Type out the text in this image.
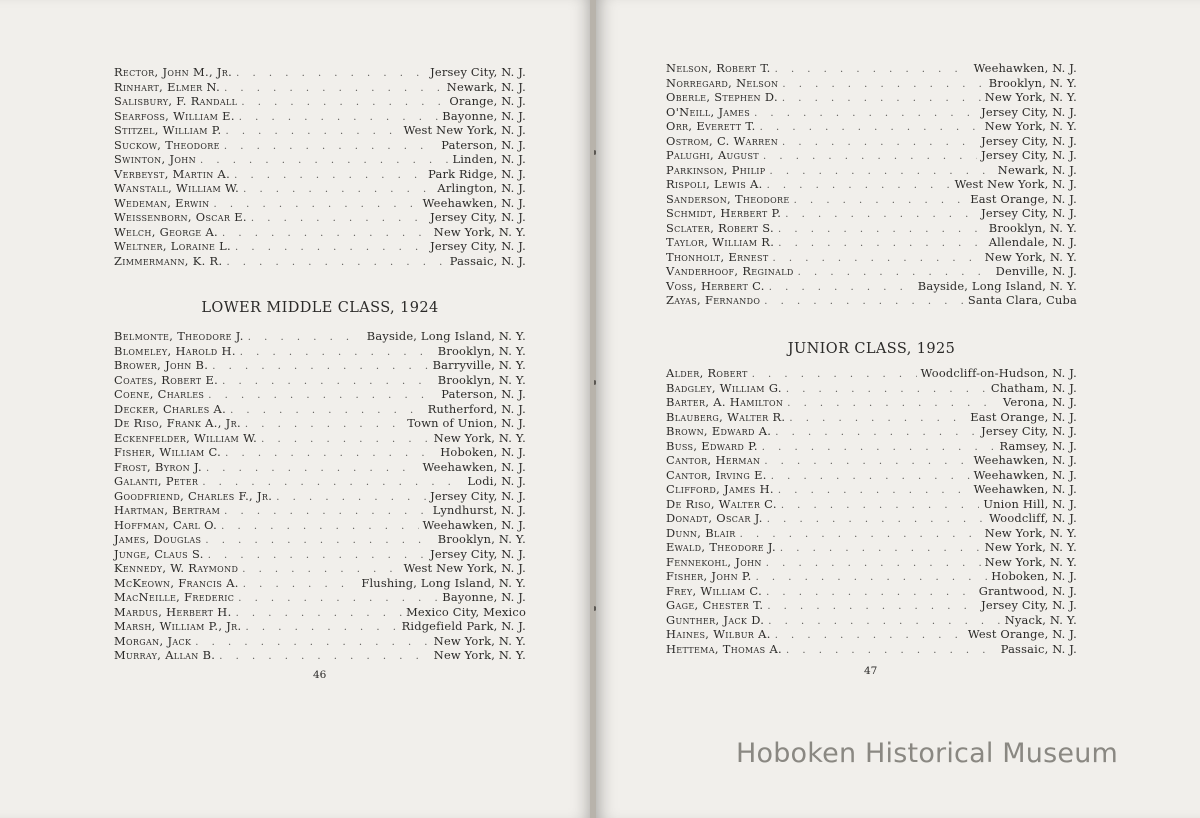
Rector, John M., Jr. . . .	Jersey City, N. J.
Rinhart, Elmer N. . . .	Newark, N. J.
Salisbury, F. Randall . . .	Orange, N. J.
Searfoss, William E. . . .	Bayonne, N. J.
Stitzel, William P. . . .	West New York, N. J.
Suckow, Theodore . . .	Paterson, N. J.
Swinton, John . . .	Linden, N. J.
Verbeyst, Martin A. . . .	Park Ridge, N. J.
Wanstall, William W. . . .	Arlington, N. J.
Wedeman, Erwin . . .	Weehawken, N. J.
Weissenborn, Oscar E. . . .	Jersey City, N. J.
Welch, George A. . . .	New York, N. Y.
Weltner, Loraine L. . . .	Jersey City, N. J.
Zimmermann, K. R. . . .	Passaic, N. J.
LOWER MIDDLE CLASS, 1924
Belmonte, Theodore J. . . .	Bayside, Long Island, N. Y.
Blomeley, Harold H. . . .	Brooklyn, N. Y.
Brower, John B. . . .	Barryville, N. Y.
Coates, Robert E. . . .	Brooklyn, N. Y.
Coene, Charles . . .	Paterson, N. J.
Decker, Charles A. . . .	Rutherford, N. J.
De Riso, Frank A., Jr. . . .	Town of Union, N. J.
Eckenfelder, William W. . . .	New York, N. Y.
Fisher, William C. . . .	Hoboken, N. J.
Frost, Byron J. . . .	Weehawken, N. J.
Galanti, Peter . . .	Lodi, N. J.
Goodfriend, Charles F., Jr. . . .	Jersey City, N. J.
Hartman, Bertram . . .	Lyndhurst, N. J.
Hoffman, Carl O. . . .	Weehawken, N. J.
James, Douglas . . .	Brooklyn, N. Y.
Junge, Claus S. . . .	Jersey City, N. J.
Kennedy, W. Raymond . . .	West New York, N. J.
McKeown, Francis A. . . .	Flushing, Long Island, N. Y.
MacNeille, Frederic . . .	Bayonne, N. J.
Mardus, Herbert H. . . .	Mexico City, Mexico
Marsh, William P., Jr. . . .	Ridgefield Park, N. J.
Morgan, Jack . . .	New York, N. Y.
Murray, Allan B. . . .	New York, N. Y.

46

Nelson, Robert T. . . .	Weehawken, N. J.
Norregard, Nelson . . .	Brooklyn, N. Y.
Oberle, Stephen D. . . .	New York, N. Y.
O'Neill, James . . .	Jersey City, N. J.
Orr, Everett T. . . .	New York, N. Y.
Ostrom, C. Warren . . .	Jersey City, N. J.
Palughi, August . . .	Jersey City, N. J.
Parkinson, Philip . . .	Newark, N. J.
Rispoli, Lewis A. . . .	West New York, N. J.
Sanderson, Theodore . . .	East Orange, N. J.
Schmidt, Herbert P. . . .	Jersey City, N. J.
Sclater, Robert S. . . .	Brooklyn, N. Y.
Taylor, William R. . . .	Allendale, N. J.
Thonholt, Ernest . . .	New York, N. Y.
Vanderhoof, Reginald . . .	Denville, N. J.
Voss, Herbert C. . . .	Bayside, Long Island, N. Y.
Zayas, Fernando . . .	Santa Clara, Cuba
JUNIOR CLASS, 1925
Alder, Robert . . .	Woodcliff-on-Hudson, N. J.
Badgley, William G. . . .	Chatham, N. J.
Barter, A. Hamilton . . .	Verona, N. J.
Blauberg, Walter R. . . .	East Orange, N. J.
Brown, Edward A. . . .	Jersey City, N. J.
Buss, Edward P. . . .	Ramsey, N. J.
Cantor, Herman . . .	Weehawken, N. J.
Cantor, Irving E. . . .	Weehawken, N. J.
Clifford, James H. . . .	Weehawken, N. J.
De Riso, Walter C. . . .	Union Hill, N. J.
Donadt, Oscar J. . . .	Woodcliff, N. J.
Dunn, Blair . . .	New York, N. Y.
Ewald, Theodore J. . . .	New York, N. Y.
Fennekohl, John . . .	New York, N. Y.
Fisher, John P. . . .	Hoboken, N. J.
Frey, William C. . . .	Grantwood, N. J.
Gage, Chester T. . . .	Jersey City, N. J.
Gunther, Jack D. . . .	Nyack, N. Y.
Haines, Wilbur A. . . .	West Orange, N. J.
Hettema, Thomas A. . . .	Passaic, N. J.

47

Hoboken Historical Museum
